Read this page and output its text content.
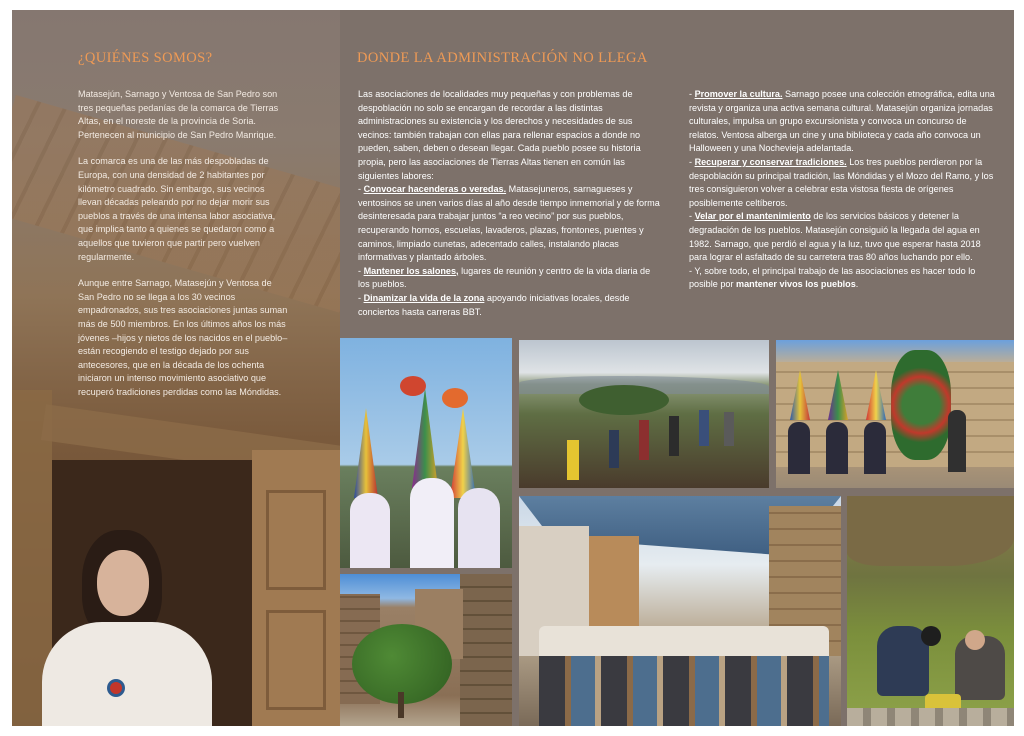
¿QUIÉNES SOMOS?

Matasejún, Sarnago y Ventosa de San Pedro son tres pequeñas pedanías de la comarca de Tierras Altas, en el noreste de la provincia de Soria. Pertenecen al municipio de San Pedro Manrique.

La comarca es una de las más despobladas de Europa, con una densidad de 2 habitantes por kilómetro cuadrado. Sin embargo, sus vecinos llevan décadas peleando por no dejar morir sus pueblos a través de una intensa labor asociativa, que implica tanto a quienes se quedaron como a aquellos que tuvieron que partir pero vuelven regularmente.

Aunque entre Sarnago, Matasejún y Ventosa de San Pedro no se llega a los 30 vecinos empadronados, sus tres asociaciones juntas suman más de 500 miembros. En los últimos años los más jóvenes –hijos y nietos de los nacidos en el pueblo– están recogiendo el testigo dejado por sus antecesores, que en la década de los ochenta iniciaron un intenso movimiento asociativo que recuperó tradiciones perdidas como las Móndidas.

DONDE LA ADMINISTRACIÓN NO LLEGA

Las asociaciones de localidades muy pequeñas y con problemas de despoblación no solo se encargan de recordar a las distintas administraciones su existencia y los derechos y necesidades de sus vecinos: también trabajan con ellas para rellenar espacios a donde no pueden, saben, deben o desean llegar. Cada pueblo posee su historia propia, pero las asociaciones de Tierras Altas tienen en común las siguientes labores:

- Convocar hacenderas o veredas. Matasejuneros, sarnagueses y ventosinos se unen varios días al año desde tiempo inmemorial y de forma desinteresada para trabajar juntos “a reo vecino” por sus pueblos, recuperando hornos, escuelas, lavaderos, plazas, frontones, puentes y caminos, limpiado cunetas, adecentado calles, instalando placas informativas y plantado árboles.

- Mantener los salones, lugares de reunión y centro de la vida diaria de los pueblos.

- Dinamizar la vida de la zona apoyando iniciativas locales, desde conciertos hasta carreras BBT.

- Promover la cultura. Sarnago posee una colección etnográfica, edita una revista y organiza una activa semana cultural. Matasejún organiza jornadas culturales, impulsa un grupo excursionista y convoca un concurso de relatos. Ventosa alberga un cine y una biblioteca y cada año convoca un Halloween y una Nochevieja adelantada.

- Recuperar y conservar tradiciones. Los tres pueblos perdieron por la despoblación su principal tradición, las Móndidas y el Mozo del Ramo, y los tres consiguieron volver a celebrar esta vistosa fiesta de orígenes posiblemente celtíberos.

- Velar por el mantenimiento de los servicios básicos y detener la degradación de los pueblos. Matasejún consiguió la llegada del agua en 1982. Sarnago, que perdió el agua y la luz, tuvo que esperar hasta 2018 para lograr el asfaltado de su carretera tras 80 años luchando por ello.

- Y, sobre todo, el principal trabajo de las asociaciones es hacer todo lo posible por mantener vivos los pueblos.
